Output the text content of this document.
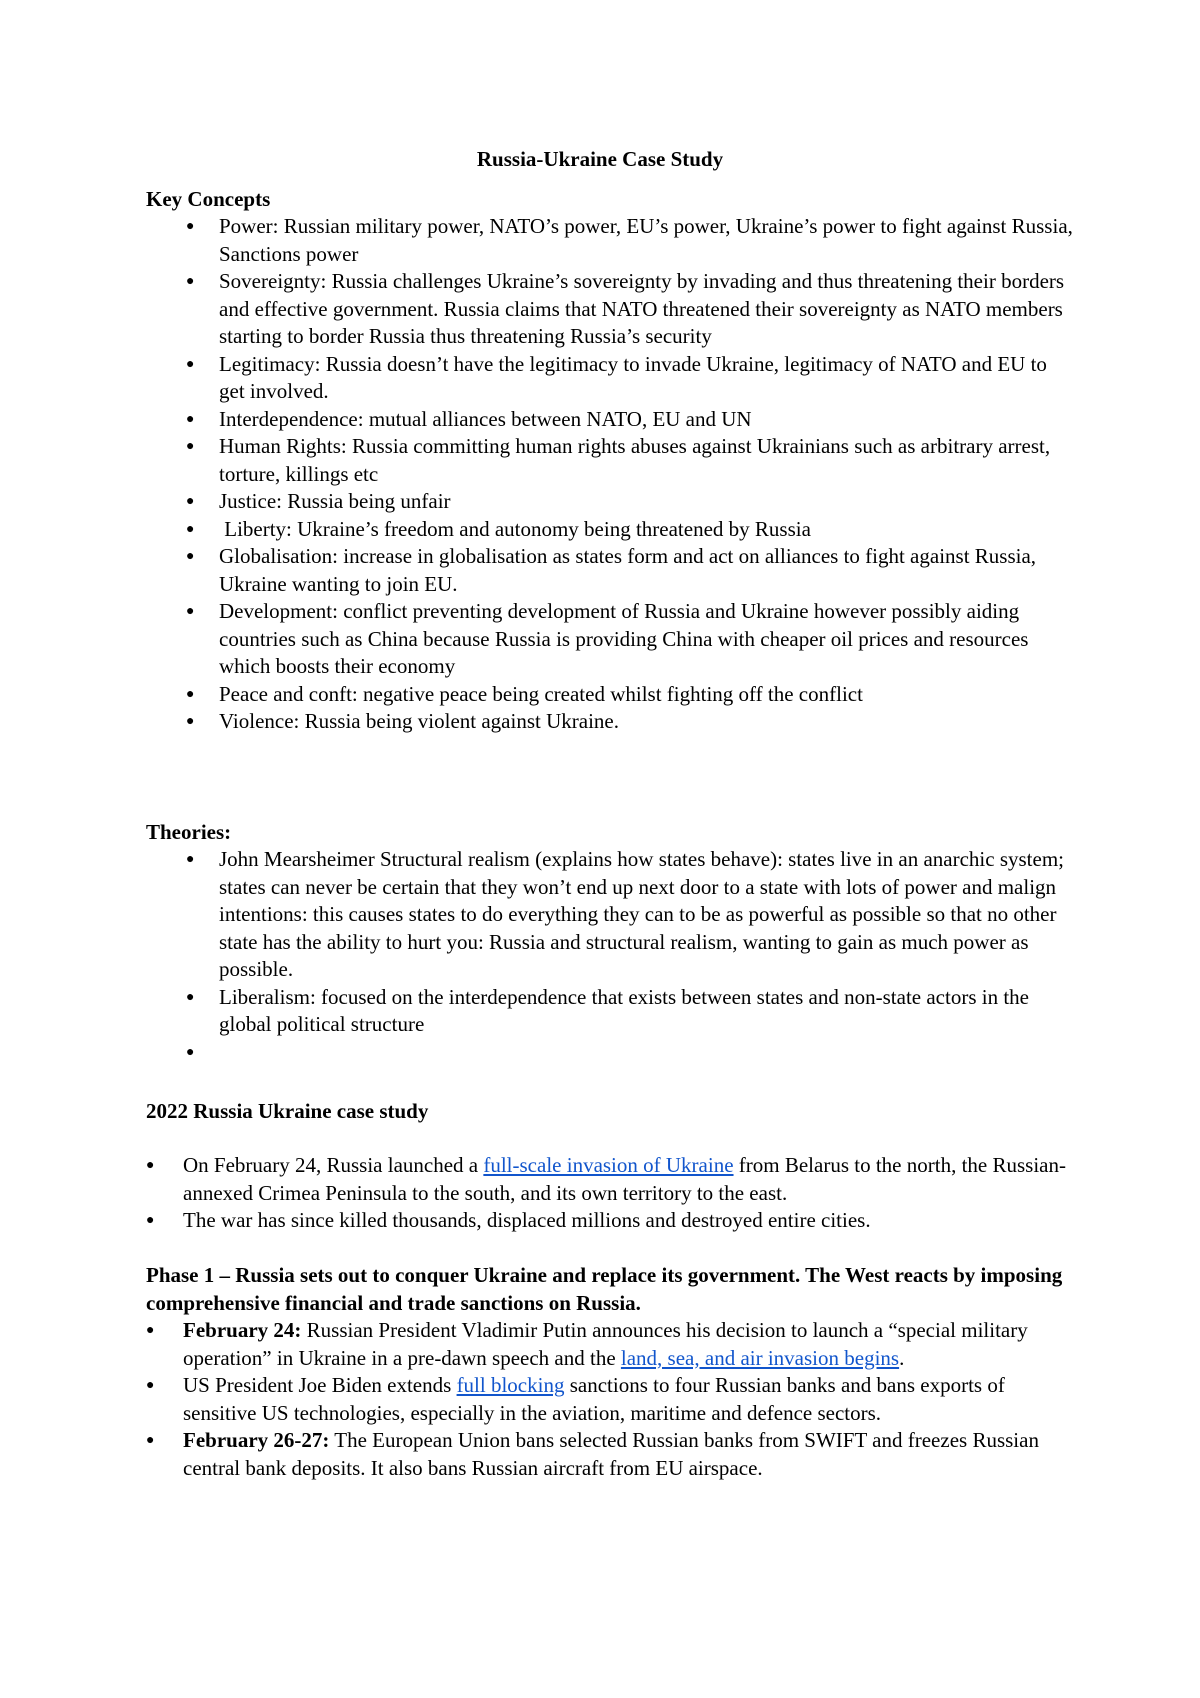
Russia-Ukraine Case Study
Key Concepts
● Power: Russian military power, NATO’s power, EU’s power, Ukraine’s power to fight against Russia, Sanctions power
● Sovereignty: Russia challenges Ukraine’s sovereignty by invading and thus threatening their borders and effective government. Russia claims that NATO threatened their sovereignty as NATO members starting to border Russia thus threatening Russia’s security
● Legitimacy: Russia doesn’t have the legitimacy to invade Ukraine, legitimacy of NATO and EU to get involved.
● Interdependence: mutual alliances between NATO, EU and UN
● Human Rights: Russia committing human rights abuses against Ukrainians such as arbitrary arrest, torture, killings etc
● Justice: Russia being unfair
● Liberty: Ukraine’s freedom and autonomy being threatened by Russia
● Globalisation: increase in globalisation as states form and act on alliances to fight against Russia, Ukraine wanting to join EU.
● Development: conflict preventing development of Russia and Ukraine however possibly aiding countries such as China because Russia is providing China with cheaper oil prices and resources which boosts their economy
● Peace and conft: negative peace being created whilst fighting off the conflict
● Violence: Russia being violent against Ukraine.
Theories:
● John Mearsheimer Structural realism (explains how states behave): states live in an anarchic system; states can never be certain that they won’t end up next door to a state with lots of power and malign intentions: this causes states to do everything they can to be as powerful as possible so that no other state has the ability to hurt you: Russia and structural realism, wanting to gain as much power as possible.
● Liberalism: focused on the interdependence that exists between states and non-state actors in the global political structure
●
2022 Russia Ukraine case study
● On February 24, Russia launched a full-scale invasion of Ukraine from Belarus to the north, the Russian-annexed Crimea Peninsula to the south, and its own territory to the east.
● The war has since killed thousands, displaced millions and destroyed entire cities.
Phase 1 – Russia sets out to conquer Ukraine and replace its government. The West reacts by imposing comprehensive financial and trade sanctions on Russia.
● February 24: Russian President Vladimir Putin announces his decision to launch a “special military operation” in Ukraine in a pre-dawn speech and the land, sea, and air invasion begins.
● US President Joe Biden extends full blocking sanctions to four Russian banks and bans exports of sensitive US technologies, especially in the aviation, maritime and defence sectors.
● February 26-27: The European Union bans selected Russian banks from SWIFT and freezes Russian central bank deposits. It also bans Russian aircraft from EU airspace.
